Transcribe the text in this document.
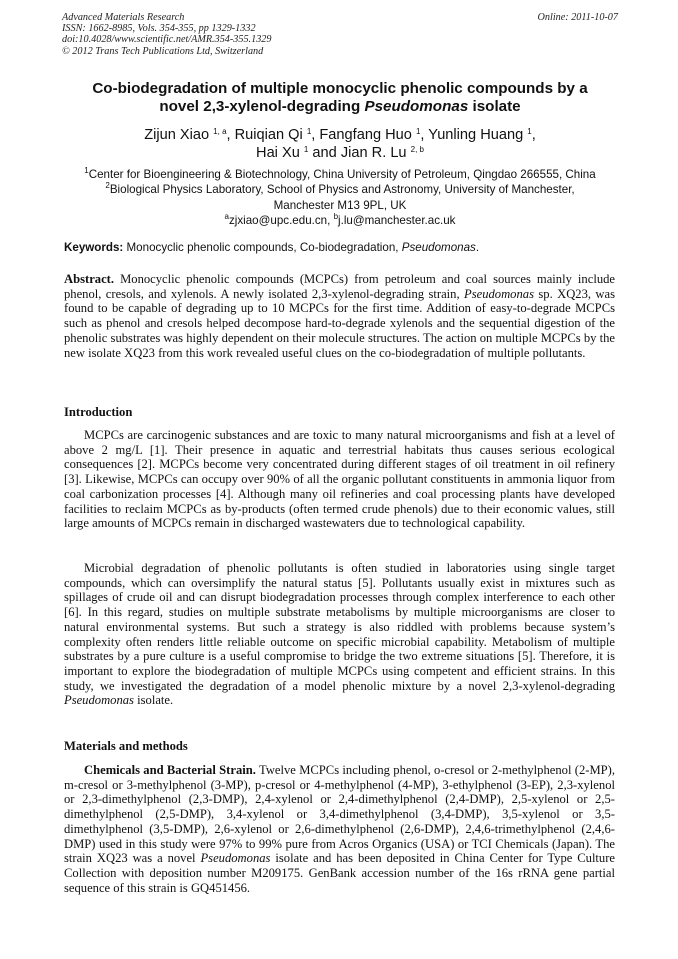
Advanced Materials Research
ISSN: 1662-8985, Vols. 354-355, pp 1329-1332
doi:10.4028/www.scientific.net/AMR.354-355.1329
© 2012 Trans Tech Publications Ltd, Switzerland
Online: 2011-10-07
Co-biodegradation of multiple monocyclic phenolic compounds by a
novel 2,3-xylenol-degrading Pseudomonas isolate
Zijun Xiao $^{1, a}$, Ruiqian Qi $^1$, Fangfang Huo $^1$, Yunling Huang $^1$,
Hai Xu $^1$ and Jian R. Lu $^{2, b}$
$^1$Center for Bioengineering & Biotechnology, China University of Petroleum, Qingdao 266555, China
$^2$Biological Physics Laboratory, School of Physics and Astronomy, University of Manchester,
Manchester M13 9PL, UK
$^a$zjxiao@upc.edu.cn, $^b$j.lu@manchester.ac.uk
Keywords: Monocyclic phenolic compounds, Co-biodegradation, Pseudomonas.
Abstract. Monocyclic phenolic compounds (MCPCs) from petroleum and coal sources mainly include phenol, cresols, and xylenols. A newly isolated 2,3-xylenol-degrading strain, Pseudomonas sp. XQ23, was found to be capable of degrading up to 10 MCPCs for the first time. Addition of easy-to-degrade MCPCs such as phenol and cresols helped decompose hard-to-degrade xylenols and the sequential digestion of the phenolic substrates was highly dependent on their molecule structures. The action on multiple MCPCs by the new isolate XQ23 from this work revealed useful clues on the co-biodegradation of multiple pollutants.
Introduction
MCPCs are carcinogenic substances and are toxic to many natural microorganisms and fish at a level of above 2 mg/L [1]. Their presence in aquatic and terrestrial habitats thus causes serious ecological consequences [2]. MCPCs become very concentrated during different stages of oil treatment in oil refinery [3]. Likewise, MCPCs can occupy over 90% of all the organic pollutant constituents in ammonia liquor from coal carbonization processes [4]. Although many oil refineries and coal processing plants have developed facilities to reclaim MCPCs as by-products (often termed crude phenols) due to their economic values, still large amounts of MCPCs remain in discharged wastewaters due to technological capability.
Microbial degradation of phenolic pollutants is often studied in laboratories using single target compounds, which can oversimplify the natural status [5]. Pollutants usually exist in mixtures such as spillages of crude oil and can disrupt biodegradation processes through complex interference to each other [6]. In this regard, studies on multiple substrate metabolisms by multiple microorganisms are closer to natural environmental systems. But such a strategy is also riddled with problems because system’s complexity often renders little reliable outcome on specific microbial capability. Metabolism of multiple substrates by a pure culture is a useful compromise to bridge the two extreme situations [5]. Therefore, it is important to explore the biodegradation of multiple MCPCs using competent and efficient strains. In this study, we investigated the degradation of a model phenolic mixture by a novel 2,3-xylenol-degrading Pseudomonas isolate.
Materials and methods
Chemicals and Bacterial Strain. Twelve MCPCs including phenol, o-cresol or 2-methylphenol (2-MP), m-cresol or 3-methylphenol (3-MP), p-cresol or 4-methylphenol (4-MP), 3-ethylphenol (3-EP), 2,3-xylenol or 2,3-dimethylphenol (2,3-DMP), 2,4-xylenol or 2,4-dimethylphenol (2,4-DMP), 2,5-xylenol or 2,5-dimethylphenol (2,5-DMP), 3,4-xylenol or 3,4-dimethylphenol (3,4-DMP), 3,5-xylenol or 3,5-dimethylphenol (3,5-DMP), 2,6-xylenol or 2,6-dimethylphenol (2,6-DMP), 2,4,6-trimethylphenol (2,4,6-DMP) used in this study were 97% to 99% pure from Acros Organics (USA) or TCI Chemicals (Japan). The strain XQ23 was a novel Pseudomonas isolate and has been deposited in China Center for Type Culture Collection with deposition number M209175. GenBank accession number of the 16s rRNA gene partial sequence of this strain is GQ451456.
